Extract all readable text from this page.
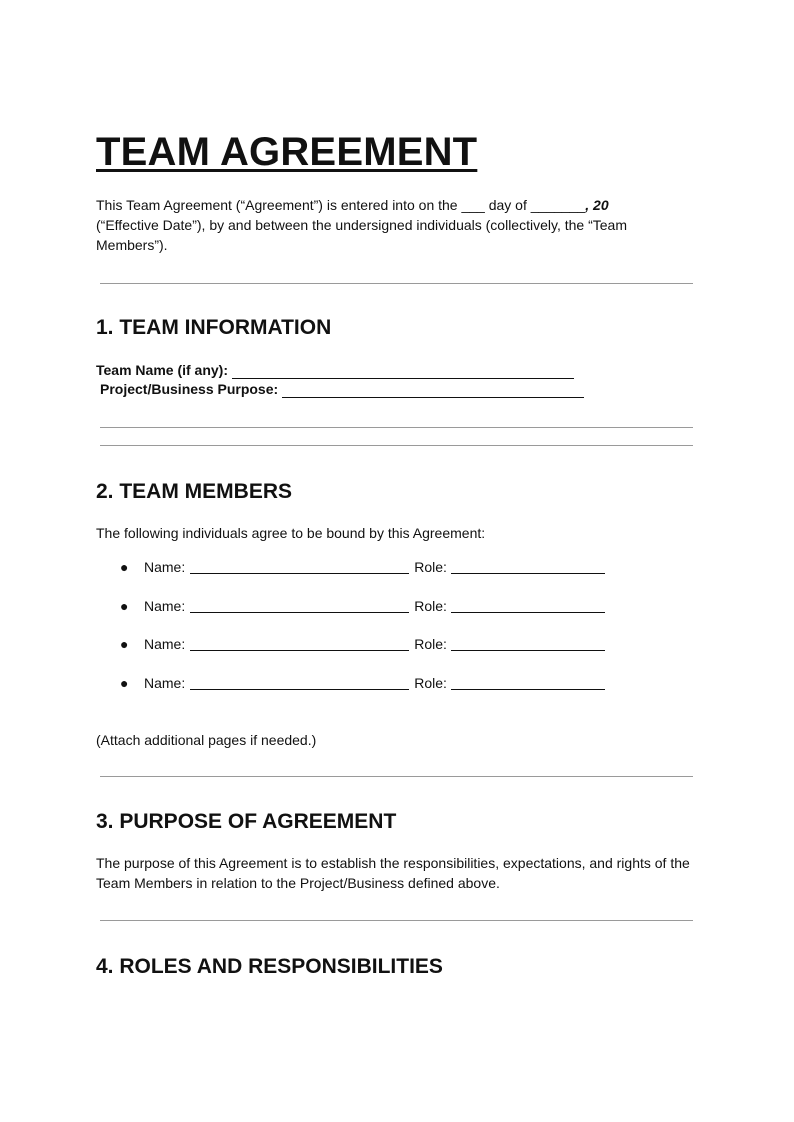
TEAM AGREEMENT

This Team Agreement (“Agreement”) is entered into on the ___ day of _______, 20
(“Effective Date”), by and between the undersigned individuals (collectively, the “Team Members”).

1. TEAM INFORMATION
Team Name (if any):
Project/Business Purpose:
2. TEAM MEMBERS

The following individuals agree to be bound by this Agreement:

●	Name:	Role:
●	Name:	Role:
●	Name:	Role:
●	Name:	Role:

(Attach additional pages if needed.)

3. PURPOSE OF AGREEMENT

The purpose of this Agreement is to establish the responsibilities, expectations, and rights of the Team Members in relation to the Project/Business defined above.

4. ROLES AND RESPONSIBILITIES
